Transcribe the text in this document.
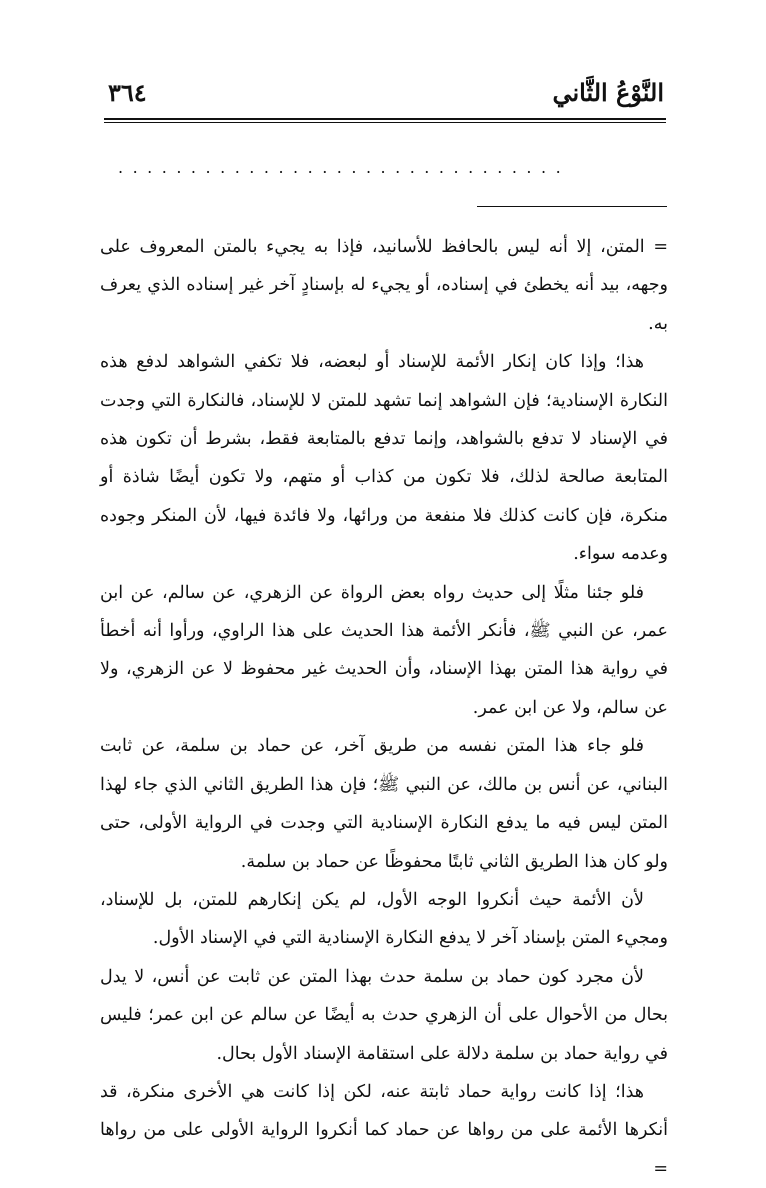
النَّوْعُ الثَّاني
٣٦٤
...............................

= المتن، إلا أنه ليس بالحافظ للأسانيد، فإذا به يجيء بالمتن المعروف على وجهه، بيد أنه يخطئ في إسناده، أو يجيء له بإسنادٍ آخر غير إسناده الذي يعرف به.

هذا؛ وإذا كان إنكار الأئمة للإسناد أو لبعضه، فلا تكفي الشواهد لدفع هذه النكارة الإسنادية؛ فإن الشواهد إنما تشهد للمتن لا للإسناد، فالنكارة التي وجدت في الإسناد لا تدفع بالشواهد، وإنما تدفع بالمتابعة فقط، بشرط أن تكون هذه المتابعة صالحة لذلك، فلا تكون من كذاب أو متهم، ولا تكون أيضًا شاذة أو منكرة، فإن كانت كذلك فلا منفعة من ورائها، ولا فائدة فيها، لأن المنكر وجوده وعدمه سواء.

فلو جئنا مثلًا إلى حديث رواه بعض الرواة عن الزهري، عن سالم، عن ابن عمر، عن النبي ﷺ، فأنكر الأئمة هذا الحديث على هذا الراوي، ورأوا أنه أخطأ في رواية هذا المتن بهذا الإسناد، وأن الحديث غير محفوظ لا عن الزهري، ولا عن سالم، ولا عن ابن عمر.

فلو جاء هذا المتن نفسه من طريق آخر، عن حماد بن سلمة، عن ثابت البناني، عن أنس بن مالك، عن النبي ﷺ؛ فإن هذا الطريق الثاني الذي جاء لهذا المتن ليس فيه ما يدفع النكارة الإسنادية التي وجدت في الرواية الأولى، حتى ولو كان هذا الطريق الثاني ثابتًا محفوظًا عن حماد بن سلمة.

لأن الأئمة حيث أنكروا الوجه الأول، لم يكن إنكارهم للمتن، بل للإسناد، ومجيء المتن بإسناد آخر لا يدفع النكارة الإسنادية التي في الإسناد الأول.

لأن مجرد كون حماد بن سلمة حدث بهذا المتن عن ثابت عن أنس، لا يدل بحال من الأحوال على أن الزهري حدث به أيضًا عن سالم عن ابن عمر؛ فليس في رواية حماد بن سلمة دلالة على استقامة الإسناد الأول بحال.

هذا؛ إذا كانت رواية حماد ثابتة عنه، لكن إذا كانت هي الأخرى منكرة، قد أنكرها الأئمة على من رواها عن حماد كما أنكروا الرواية الأولى على من رواها =
